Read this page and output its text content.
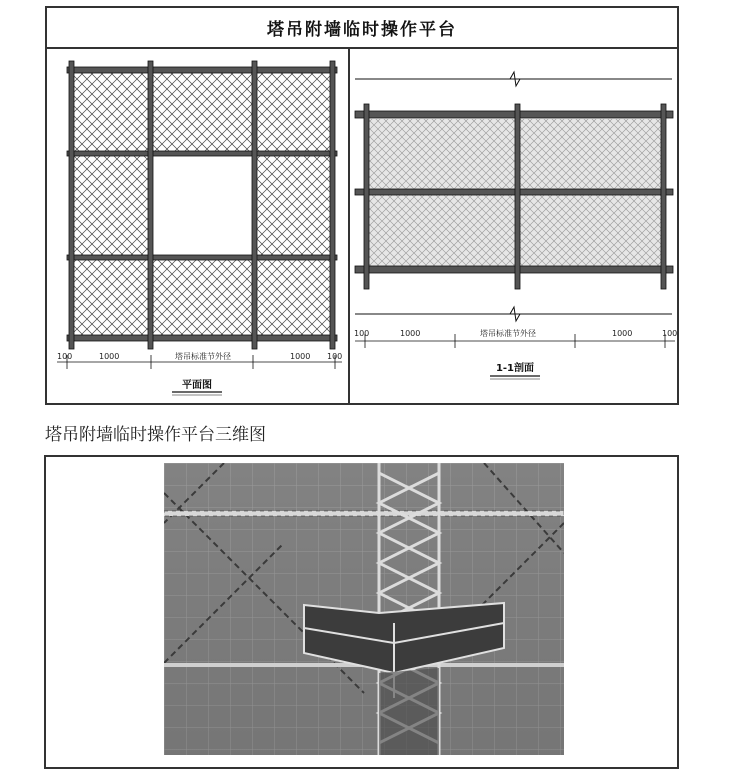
塔吊附墙临时操作平台
100	1000	塔吊标准节外径	1000 100
平面图
100	1000	塔吊标准节外径	1000	100
1-1剖面
塔吊附墙临时操作平台三维图
